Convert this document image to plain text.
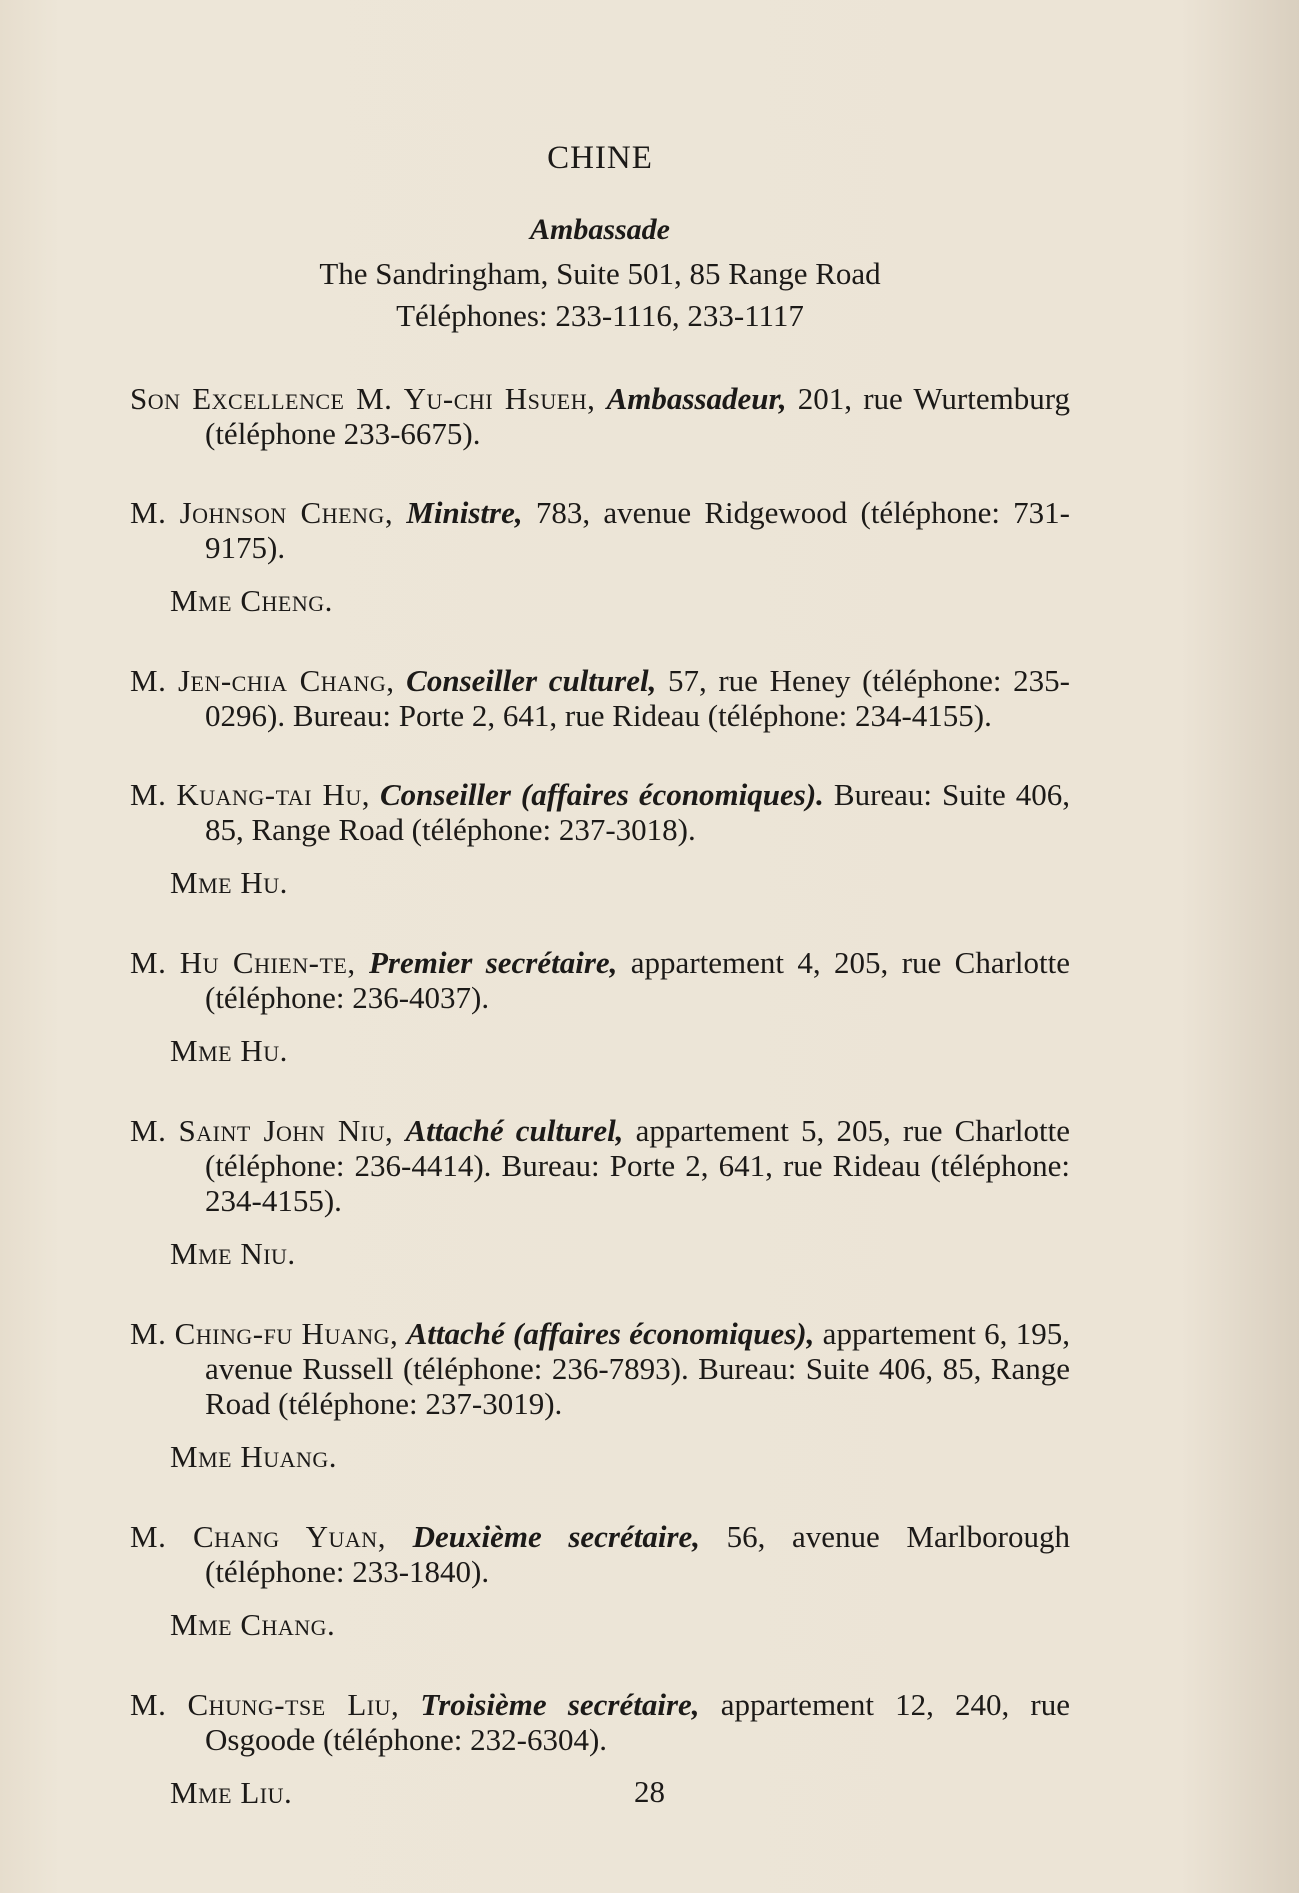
CHINE

Ambassade

The Sandringham, Suite 501, 85 Range Road

Téléphones: 233-1116, 233-1117

Son Excellence M. Yu-chi Hsueh, Ambassadeur, 201, rue Wurtemburg (téléphone 233-6675).

M. Johnson Cheng, Ministre, 783, avenue Ridgewood (téléphone: 731-9175).

Mme Cheng.

M. Jen-chia Chang, Conseiller culturel, 57, rue Heney (téléphone: 235-0296). Bureau: Porte 2, 641, rue Rideau (téléphone: 234-4155).

M. Kuang-tai Hu, Conseiller (affaires économiques). Bureau: Suite 406, 85, Range Road (téléphone: 237-3018).

Mme Hu.

M. Hu Chien-te, Premier secrétaire, appartement 4, 205, rue Charlotte (téléphone: 236-4037).

Mme Hu.

M. Saint John Niu, Attaché culturel, appartement 5, 205, rue Charlotte (téléphone: 236-4414). Bureau: Porte 2, 641, rue Rideau (téléphone: 234-4155).

Mme Niu.

M. Ching-fu Huang, Attaché (affaires économiques), appartement 6, 195, avenue Russell (téléphone: 236-7893). Bureau: Suite 406, 85, Range Road (téléphone: 237-3019).

Mme Huang.

M. Chang Yuan, Deuxième secrétaire, 56, avenue Marlborough (téléphone: 233-1840).

Mme Chang.

M. Chung-tse Liu, Troisième secrétaire, appartement 12, 240, rue Osgoode (téléphone: 232-6304).

Mme Liu.	28
